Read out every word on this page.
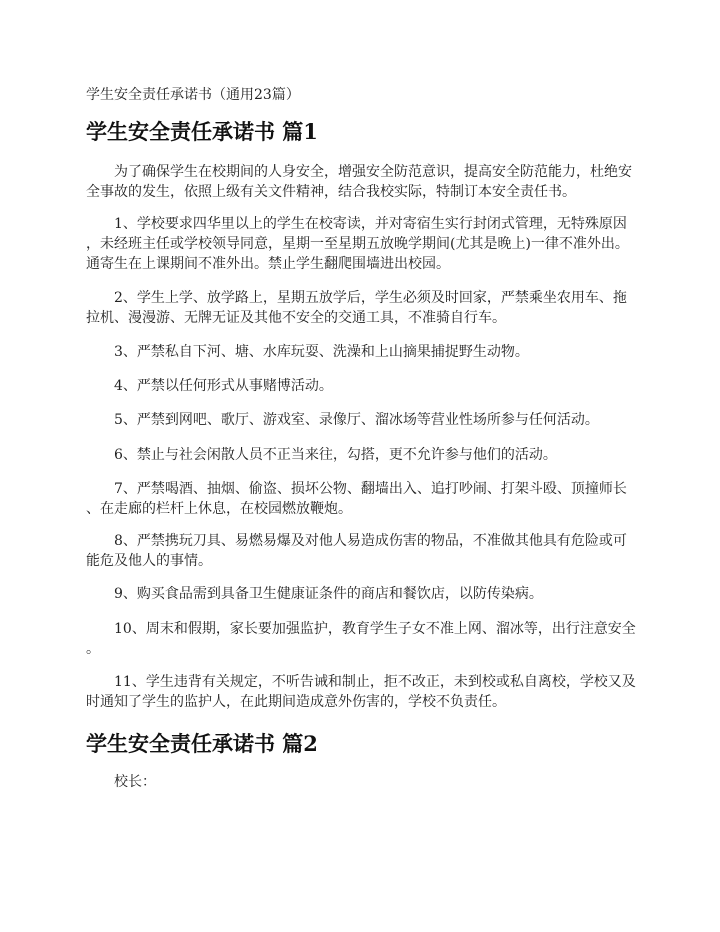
学生安全责任承诺书（通用23篇）
学生安全责任承诺书 篇1
为了确保学生在校期间的人身安全，增强安全防范意识，提高安全防范能力，杜绝安
全事故的发生，依照上级有关文件精神，结合我校实际，特制订本安全责任书。
1、学校要求四华里以上的学生在校寄读，并对寄宿生实行封闭式管理，无特殊原因
，未经班主任或学校领导同意，星期一至星期五放晚学期间(尤其是晚上)一律不准外出。
通寄生在上课期间不准外出。禁止学生翻爬围墙进出校园。
2、学生上学、放学路上，星期五放学后，学生必须及时回家，严禁乘坐农用车、拖
拉机、漫漫游、无牌无证及其他不安全的交通工具，不准骑自行车。
3、严禁私自下河、塘、水库玩耍、洗澡和上山摘果捕捉野生动物。
4、严禁以任何形式从事赌博活动。
5、严禁到网吧、歌厅、游戏室、录像厅、溜冰场等营业性场所参与任何活动。
6、禁止与社会闲散人员不正当来往，勾搭，更不允许参与他们的活动。
7、严禁喝酒、抽烟、偷盗、损坏公物、翻墙出入、追打吵闹、打架斗殴、顶撞师长
、在走廊的栏杆上休息，在校园燃放鞭炮。
8、严禁携玩刀具、易燃易爆及对他人易造成伤害的物品，不准做其他具有危险或可
能危及他人的事情。
9、购买食品需到具备卫生健康证条件的商店和餐饮店，以防传染病。
10、周末和假期，家长要加强监护，教育学生子女不准上网、溜冰等，出行注意安全
。
11、学生违背有关规定，不听告诫和制止，拒不改正，未到校或私自离校，学校又及
时通知了学生的监护人，在此期间造成意外伤害的，学校不负责任。
学生安全责任承诺书 篇2
校长：
